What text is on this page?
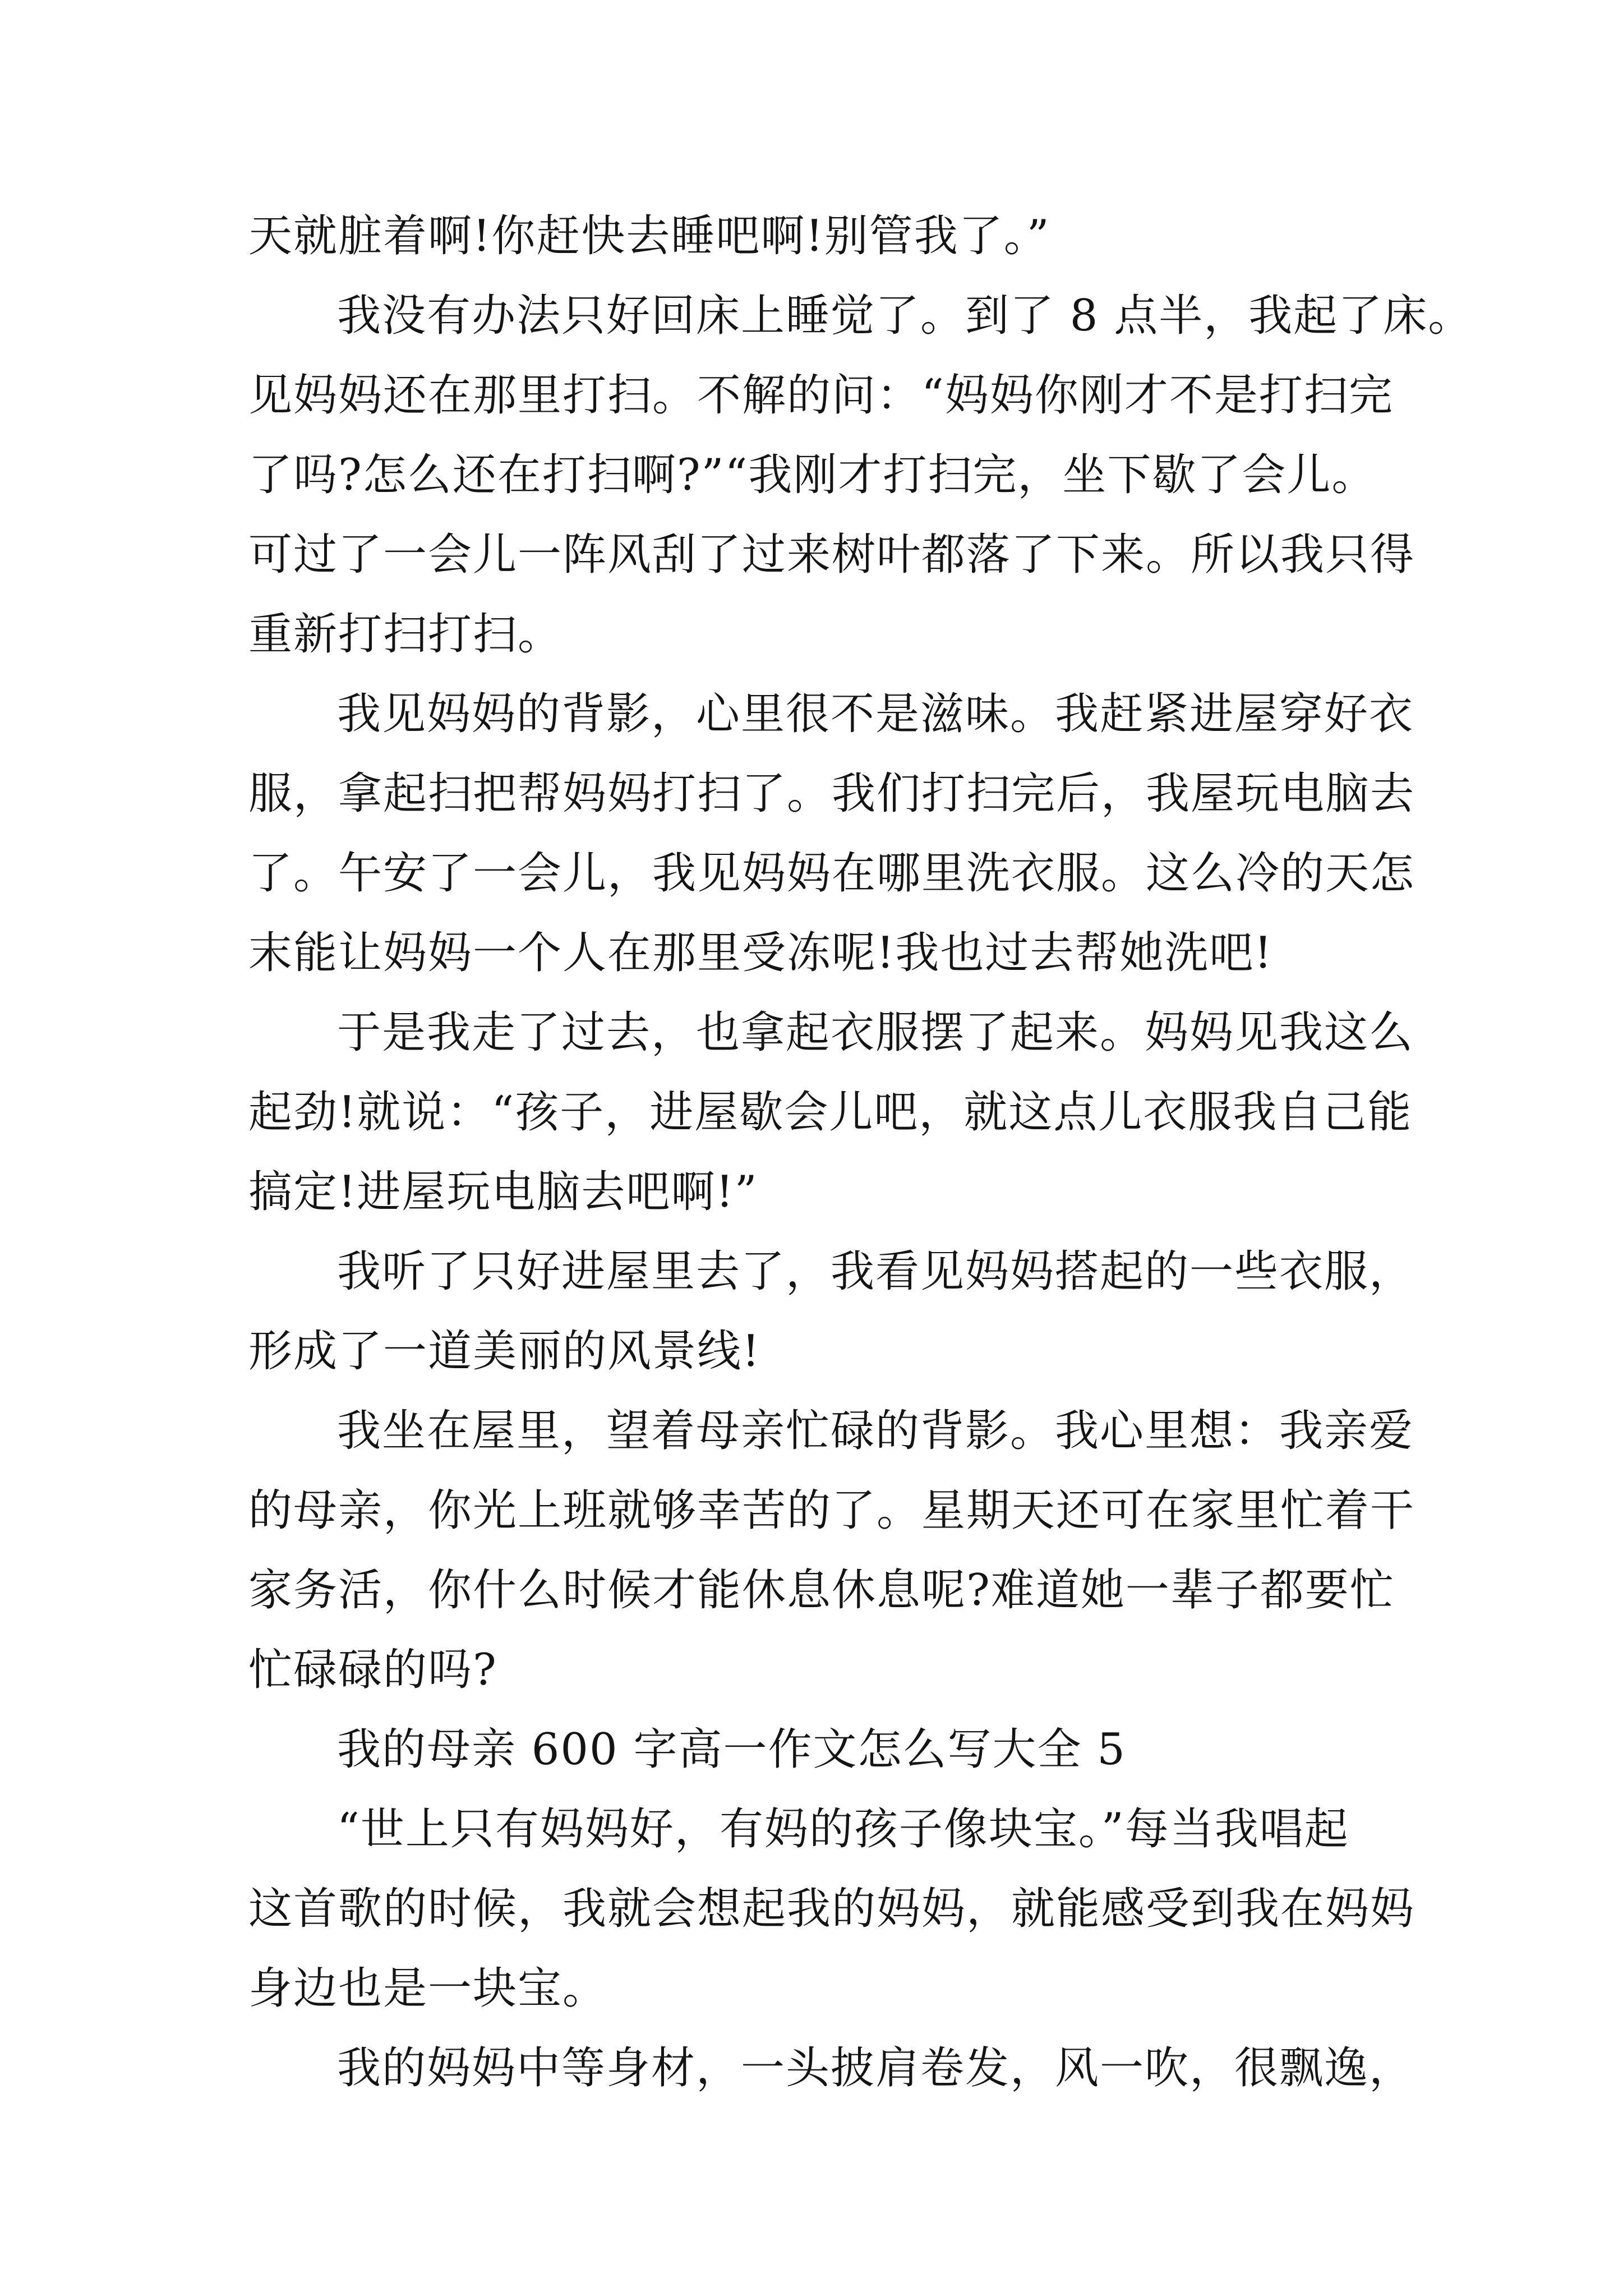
天就脏着啊!你赶快去睡吧啊!别管我了。”
我没有办法只好回床上睡觉了。到了 8 点半，我起了床。
见妈妈还在那里打扫。不解的问：“妈妈你刚才不是打扫完
了吗?怎么还在打扫啊?”“我刚才打扫完，坐下歇了会儿。
可过了一会儿一阵风刮了过来树叶都落了下来。所以我只得
重新打扫打扫。
我见妈妈的背影，心里很不是滋味。我赶紧进屋穿好衣
服，拿起扫把帮妈妈打扫了。我们打扫完后，我屋玩电脑去
了。午安了一会儿，我见妈妈在哪里洗衣服。这么冷的天怎
末能让妈妈一个人在那里受冻呢!我也过去帮她洗吧!
于是我走了过去，也拿起衣服摆了起来。妈妈见我这么
起劲!就说：“孩子，进屋歇会儿吧，就这点儿衣服我自己能
搞定!进屋玩电脑去吧啊!”
我听了只好进屋里去了，我看见妈妈搭起的一些衣服，
形成了一道美丽的风景线!
我坐在屋里，望着母亲忙碌的背影。我心里想：我亲爱
的母亲，你光上班就够幸苦的了。星期天还可在家里忙着干
家务活，你什么时候才能休息休息呢?难道她一辈子都要忙
忙碌碌的吗?
我的母亲 600 字高一作文怎么写大全 5
“世上只有妈妈好，有妈的孩子像块宝。”每当我唱起
这首歌的时候，我就会想起我的妈妈，就能感受到我在妈妈
身边也是一块宝。
我的妈妈中等身材，一头披肩卷发，风一吹，很飘逸，
